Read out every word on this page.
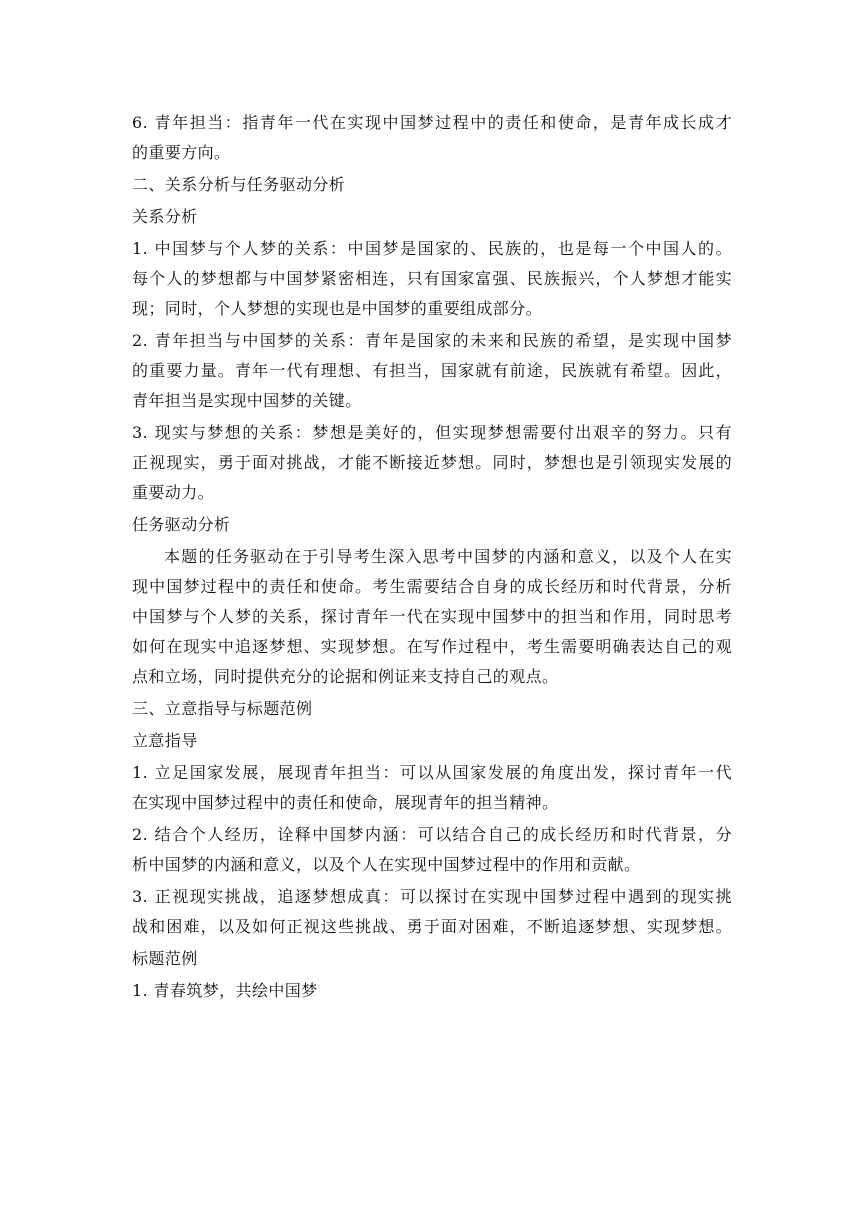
6. 青年担当：指青年一代在实现中国梦过程中的责任和使命，是青年成长成才

的重要方向。

二、关系分析与任务驱动分析

关系分析

1. 中国梦与个人梦的关系：中国梦是国家的、民族的，也是每一个中国人的。

每个人的梦想都与中国梦紧密相连，只有国家富强、民族振兴，个人梦想才能实

现；同时，个人梦想的实现也是中国梦的重要组成部分。

2. 青年担当与中国梦的关系：青年是国家的未来和民族的希望，是实现中国梦

的重要力量。青年一代有理想、有担当，国家就有前途，民族就有希望。因此，

青年担当是实现中国梦的关键。

3. 现实与梦想的关系：梦想是美好的，但实现梦想需要付出艰辛的努力。只有

正视现实，勇于面对挑战，才能不断接近梦想。同时，梦想也是引领现实发展的

重要动力。

任务驱动分析

本题的任务驱动在于引导考生深入思考中国梦的内涵和意义，以及个人在实

现中国梦过程中的责任和使命。考生需要结合自身的成长经历和时代背景，分析

中国梦与个人梦的关系，探讨青年一代在实现中国梦中的担当和作用，同时思考

如何在现实中追逐梦想、实现梦想。在写作过程中，考生需要明确表达自己的观

点和立场，同时提供充分的论据和例证来支持自己的观点。

三、立意指导与标题范例

立意指导

1. 立足国家发展，展现青年担当：可以从国家发展的角度出发，探讨青年一代

在实现中国梦过程中的责任和使命，展现青年的担当精神。

2. 结合个人经历，诠释中国梦内涵：可以结合自己的成长经历和时代背景，分

析中国梦的内涵和意义，以及个人在实现中国梦过程中的作用和贡献。

3. 正视现实挑战，追逐梦想成真：可以探讨在实现中国梦过程中遇到的现实挑

战和困难，以及如何正视这些挑战、勇于面对困难，不断追逐梦想、实现梦想。

标题范例

1. 青春筑梦，共绘中国梦
